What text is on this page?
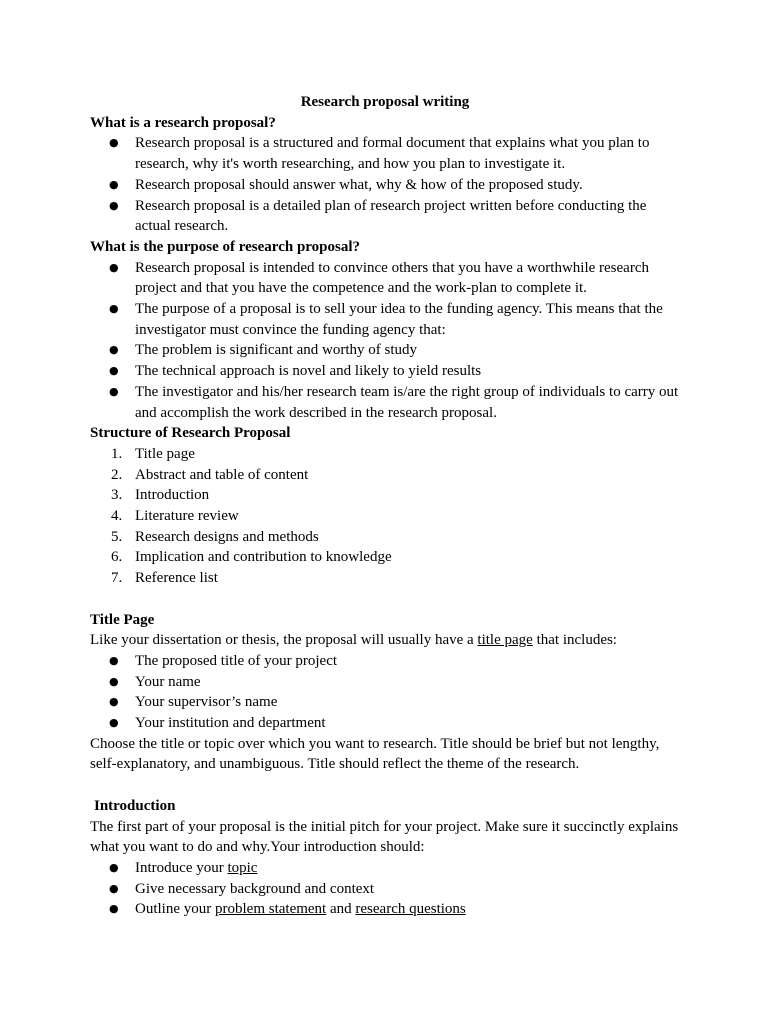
Research proposal writing
What is a research proposal?
● Research proposal is a structured and formal document that explains what you plan to research, why it's worth researching, and how you plan to investigate it.
● Research proposal should answer what, why & how of the proposed study.
● Research proposal is a detailed plan of research project written before conducting the actual research.
What is the purpose of research proposal?
● Research proposal is intended to convince others that you have a worthwhile research project and that you have the competence and the work-plan to complete it.
● The purpose of a proposal is to sell your idea to the funding agency. This means that the investigator must convince the funding agency that:
● The problem is significant and worthy of study
● The technical approach is novel and likely to yield results
● The investigator and his/her research team is/are the right group of individuals to carry out and accomplish the work described in the research proposal.
Structure of Research Proposal
1. Title page
2. Abstract and table of content
3. Introduction
4. Literature review
5. Research designs and methods
6. Implication and contribution to knowledge
7. Reference list
Title Page
Like your dissertation or thesis, the proposal will usually have a title page that includes:
● The proposed title of your project
● Your name
● Your supervisor’s name
● Your institution and department
Choose the title or topic over which you want to research. Title should be brief but not lengthy, self-explanatory, and unambiguous. Title should reflect the theme of the research.
Introduction
The first part of your proposal is the initial pitch for your project. Make sure it succinctly explains what you want to do and why.Your introduction should:
● Introduce your topic
● Give necessary background and context
● Outline your problem statement and research questions
